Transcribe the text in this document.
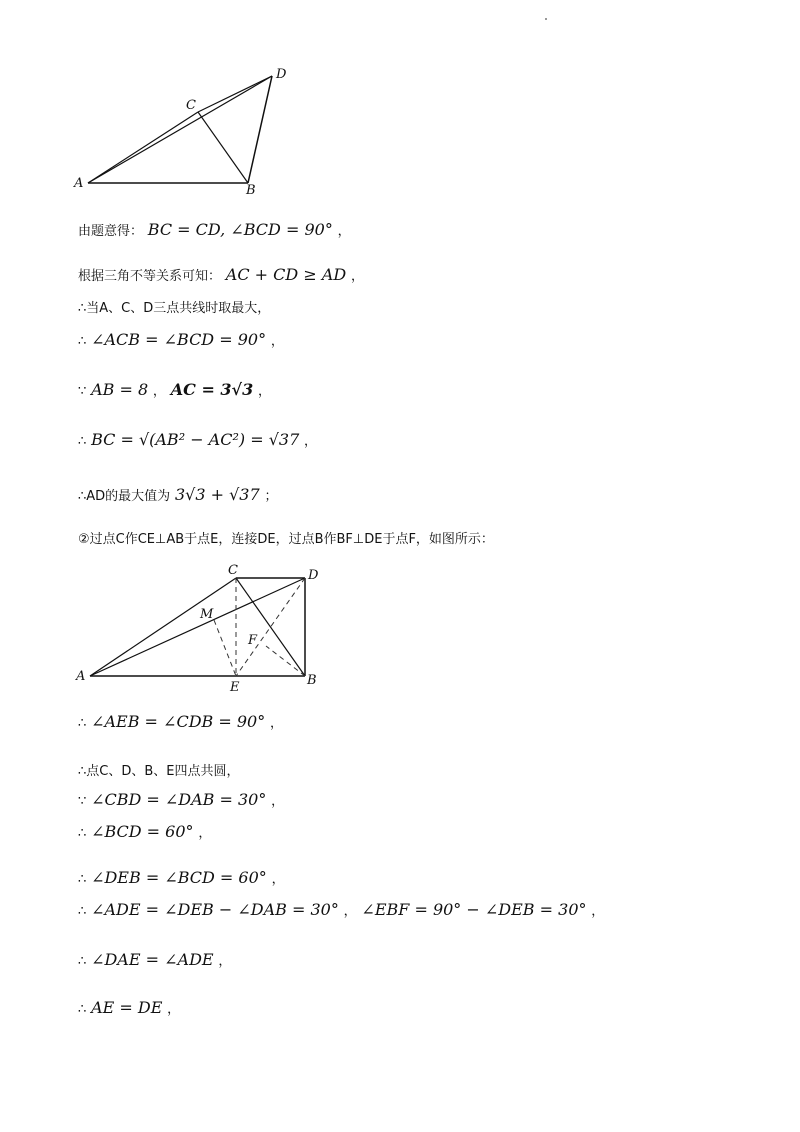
A	B
C
D
由题意得： BC = CD, ∠BCD = 90° ，
根据三角不等关系可知： AC + CD ≥ AD ，
∴当A、C、D三点共线时取最大，
∴ ∠ACB = ∠BCD = 90° ，
∵ AB = 8 ， AC = 3√3 ，
∴ BC = √(AB² − AC²) = √37 ，
∴AD的最大值为 3√3 + √37 ；
②过点C作CE⊥AB于点E，连接DE，过点B作BF⊥DE于点F，如图所示：
A	B
C	D
E
F
M
∴ ∠AEB = ∠CDB = 90° ，
∴点C、D、B、E四点共圆，
∵ ∠CBD = ∠DAB = 30° ，
∴ ∠BCD = 60° ，
∴ ∠DEB = ∠BCD = 60° ，
∴ ∠ADE = ∠DEB − ∠DAB = 30° ， ∠EBF = 90° − ∠DEB = 30° ，
∴ ∠DAE = ∠ADE ，
∴ AE = DE ，
